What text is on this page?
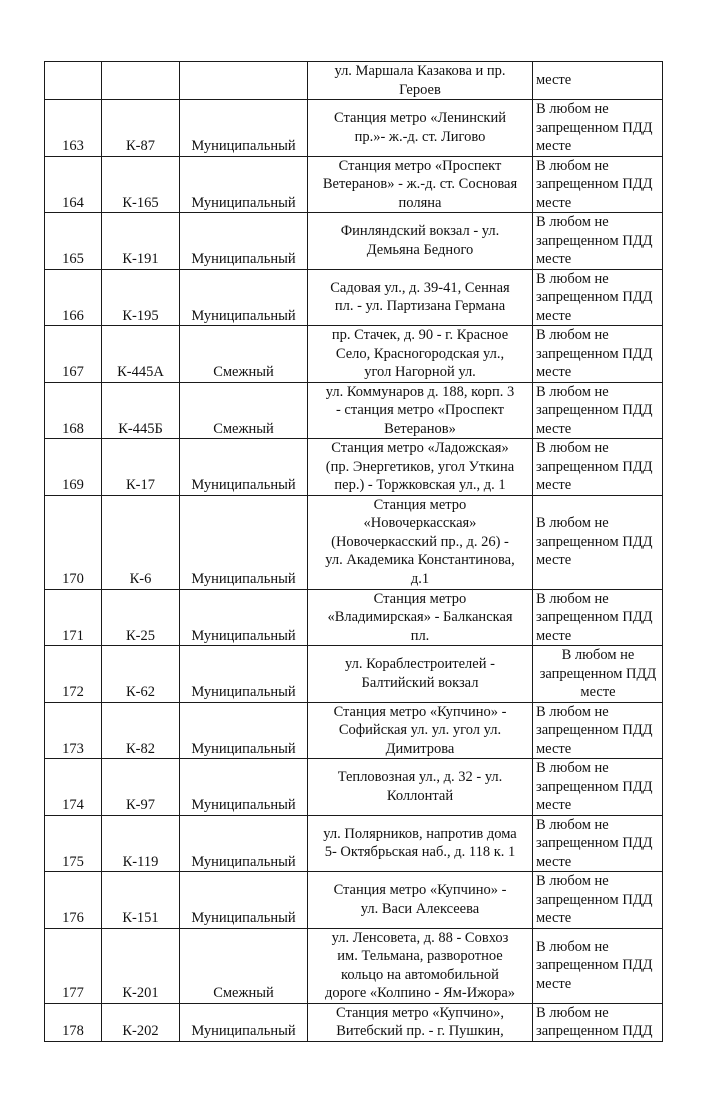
			ул. Маршала Казакова и пр.
Героев	месте
163	К-87	Муниципальный	Станция метро «Ленинский
пр.»- ж.-д. ст. Лигово	В любом не
запрещенном ПДД
месте
164	К-165	Муниципальный	Станция метро «Проспект
Ветеранов» - ж.-д. ст. Сосновая
поляна	В любом не
запрещенном ПДД
месте
165	К-191	Муниципальный	Финляндский вокзал - ул.
Демьяна Бедного	В любом не
запрещенном ПДД
месте
166	К-195	Муниципальный	Садовая ул., д. 39-41, Сенная
пл. - ул. Партизана Германа	В любом не
запрещенном ПДД
месте
167	К-445А	Смежный	пр. Стачек, д. 90 - г. Красное
Село, Красногородская ул.,
угол Нагорной ул.	В любом не
запрещенном ПДД
месте
168	К-445Б	Смежный	ул. Коммунаров д. 188, корп. 3
- станция метро «Проспект
Ветеранов»	В любом не
запрещенном ПДД
месте
169	К-17	Муниципальный	Станция метро «Ладожская»
(пр. Энергетиков, угол Уткина
пер.) - Торжковская ул., д. 1	В любом не
запрещенном ПДД
месте
170	К-6	Муниципальный	Станция метро
«Новочеркасская»
(Новочеркасский пр., д. 26) -
ул. Академика Константинова,
д.1	В любом не
запрещенном ПДД
месте
171	К-25	Муниципальный	Станция метро
«Владимирская» - Балканская
пл.	В любом не
запрещенном ПДД
месте
172	К-62	Муниципальный	ул. Кораблестроителей -
Балтийский вокзал	В любом не
запрещенном ПДД
месте
173	К-82	Муниципальный	Станция метро «Купчино» -
Софийская ул. ул. угол ул.
Димитрова	В любом не
запрещенном ПДД
месте
174	К-97	Муниципальный	Тепловозная ул., д. 32 - ул.
Коллонтай	В любом не
запрещенном ПДД
месте
175	К-119	Муниципальный	ул. Полярников, напротив дома
5- Октябрьская наб., д. 118 к. 1	В любом не
запрещенном ПДД
месте
176	К-151	Муниципальный	Станция метро «Купчино» -
ул. Васи Алексеева	В любом не
запрещенном ПДД
месте
177	К-201	Смежный	ул. Ленсовета, д. 88 - Совхоз
им. Тельмана, разворотное
кольцо на автомобильной
дороге «Колпино - Ям-Ижора»	В любом не
запрещенном ПДД
месте
178	К-202	Муниципальный	Станция метро «Купчино»,
Витебский пр. - г. Пушкин,	В любом не
запрещенном ПДД
